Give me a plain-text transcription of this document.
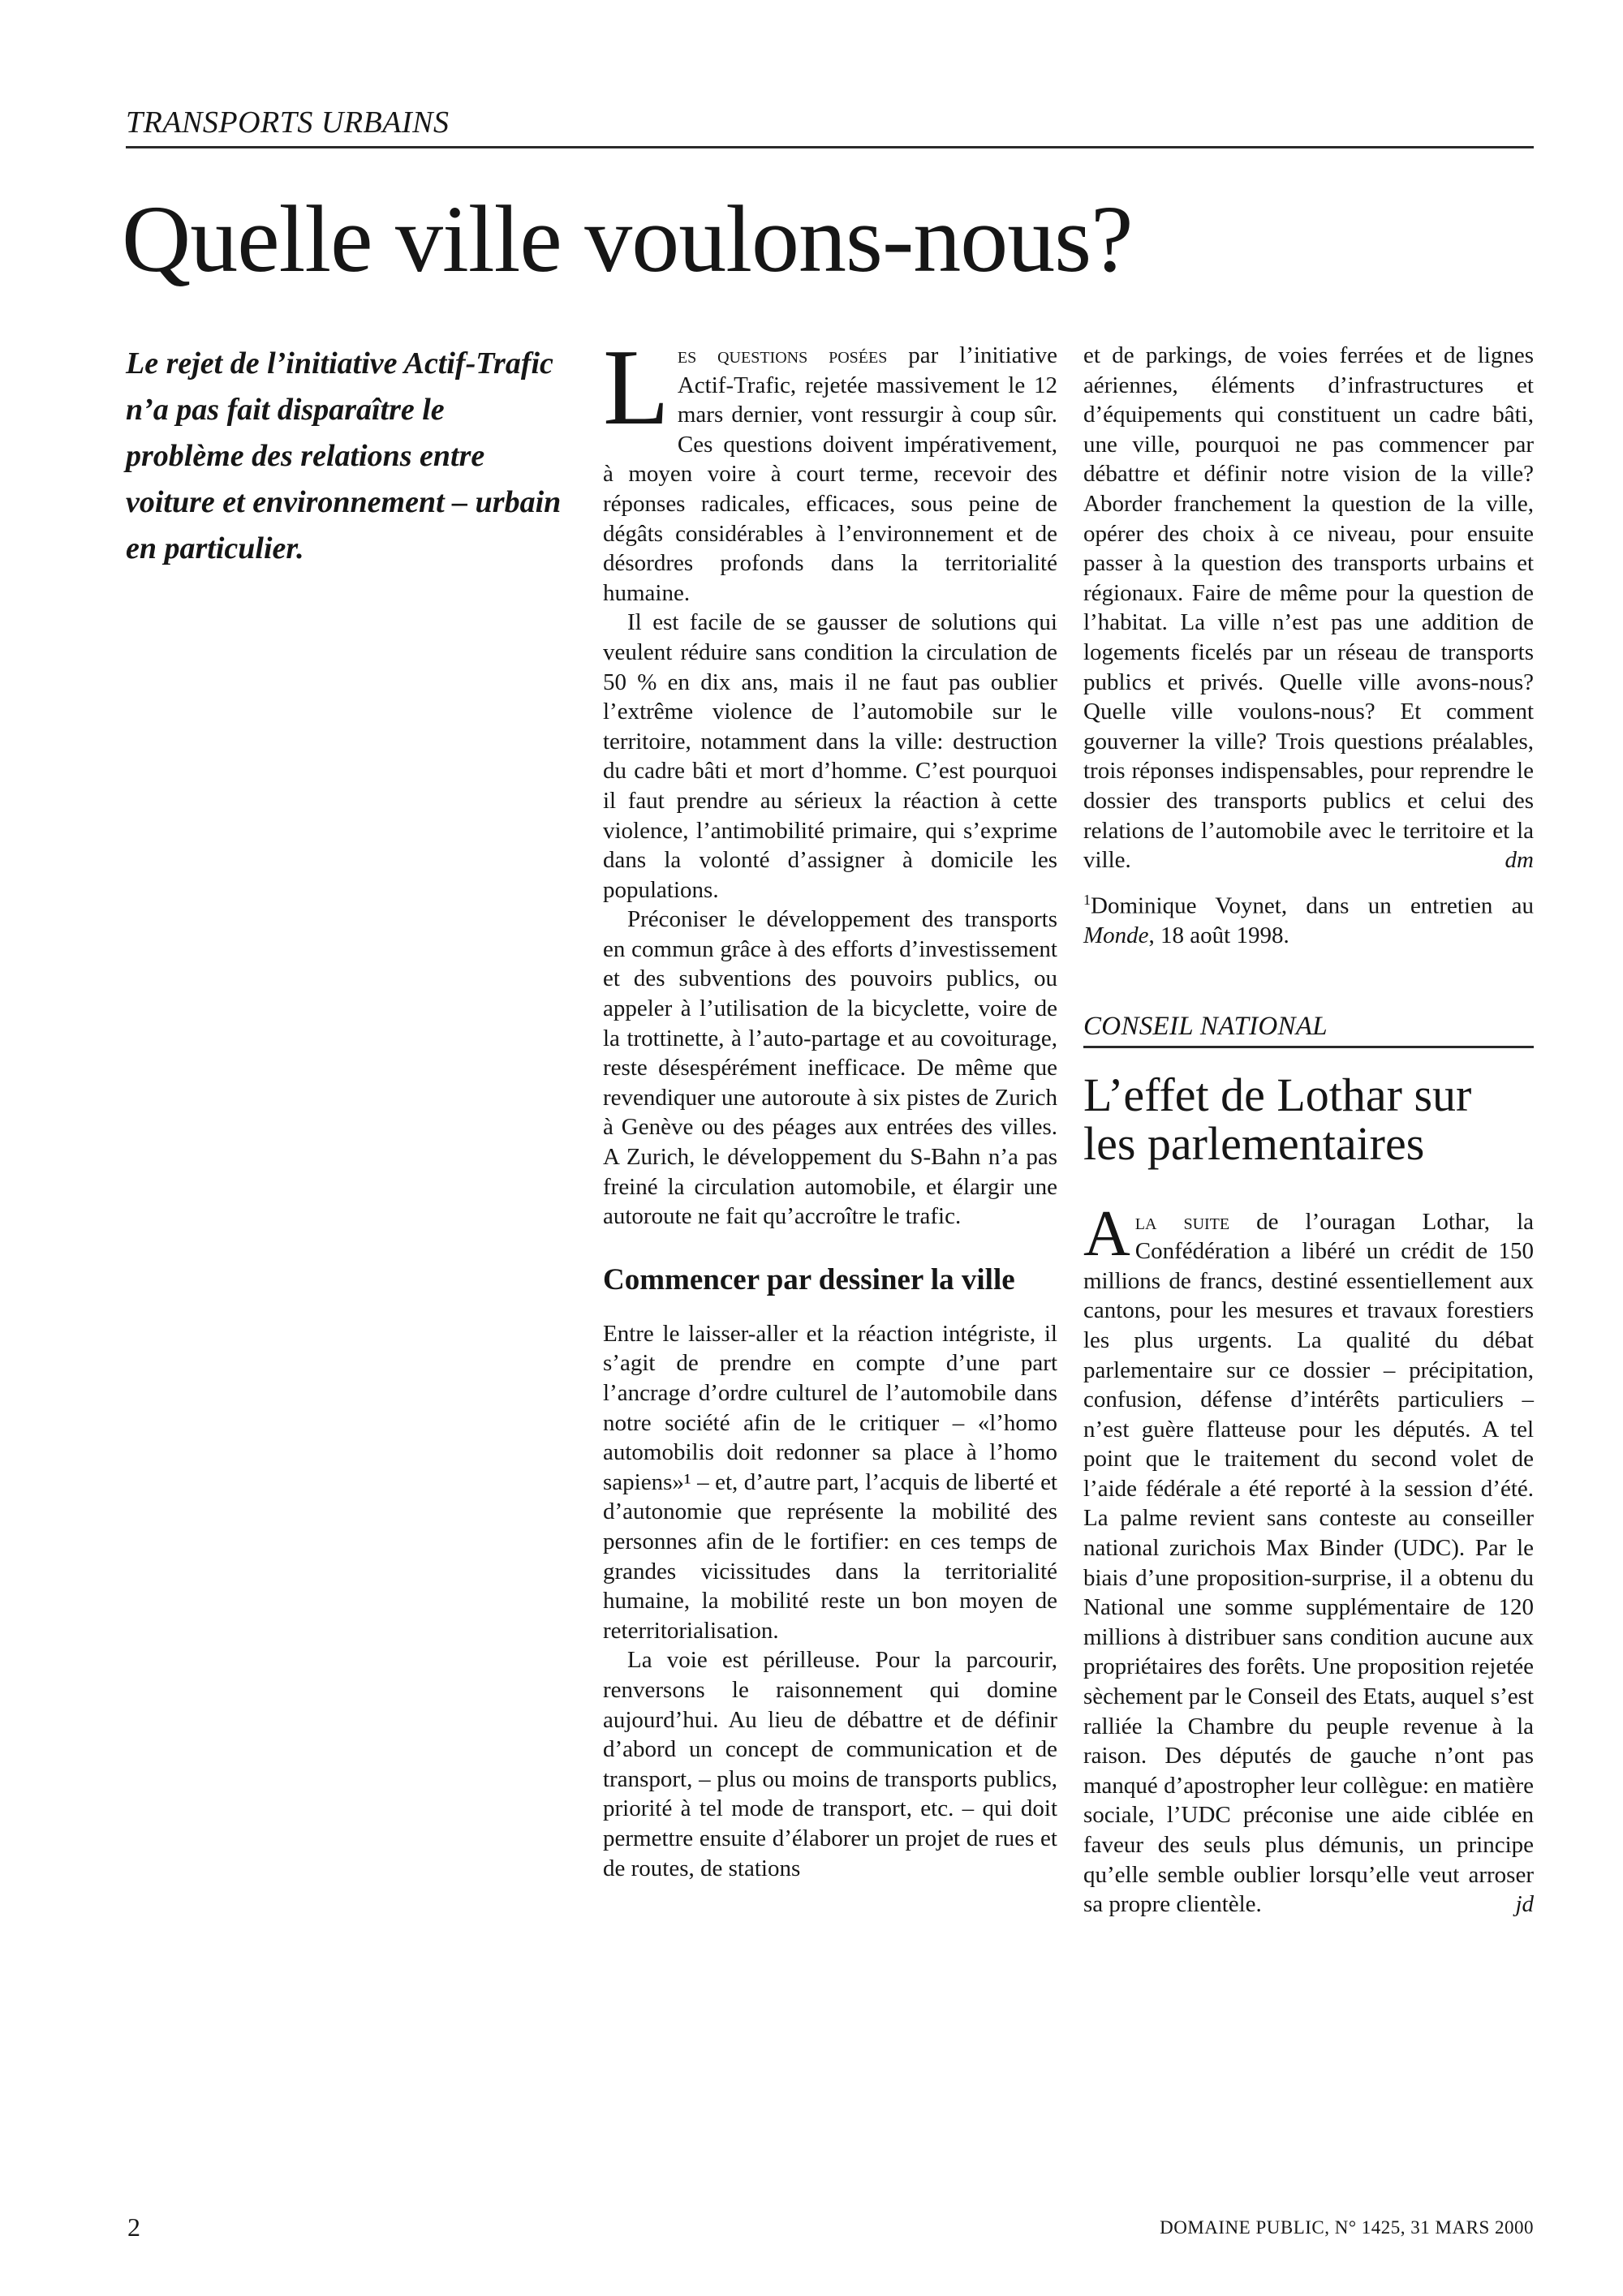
TRANSPORTS URBAINS
Quelle ville voulons-nous?

Le rejet de l’initiative Actif-Trafic n’a pas fait disparaître le problème des relations entre voiture et environnement – urbain en particulier.

Les questions posées par l’initiative Actif-Trafic, rejetée massivement le 12 mars dernier, vont ressurgir à coup sûr. Ces questions doivent impérativement, à moyen voire à court terme, recevoir des réponses radicales, efficaces, sous peine de dégâts considérables à l’environnement et de désordres profonds dans la territorialité humaine.

Il est facile de se gausser de solutions qui veulent réduire sans condition la circulation de 50 % en dix ans, mais il ne faut pas oublier l’extrême violence de l’automobile sur le territoire, notamment dans la ville: destruction du cadre bâti et mort d’homme. C’est pourquoi il faut prendre au sérieux la réaction à cette violence, l’antimobilité primaire, qui s’exprime dans la volonté d’assigner à domicile les populations.

Préconiser le développement des transports en commun grâce à des efforts d’investissement et des subventions des pouvoirs publics, ou appeler à l’utilisation de la bicyclette, voire de la trottinette, à l’auto-partage et au covoiturage, reste désespérément inefficace. De même que revendiquer une autoroute à six pistes de Zurich à Genève ou des péages aux entrées des villes. A Zurich, le développement du S-Bahn n’a pas freiné la circulation automobile, et élargir une autoroute ne fait qu’accroître le trafic.

Commencer par dessiner la ville

Entre le laisser-aller et la réaction intégriste, il s’agit de prendre en compte d’une part l’ancrage d’ordre culturel de l’automobile dans notre société afin de le critiquer – «l’homo automobilis doit redonner sa place à l’homo sapiens»¹ – et, d’autre part, l’acquis de liberté et d’autonomie que représente la mobilité des personnes afin de le fortifier: en ces temps de grandes vicissitudes dans la territorialité humaine, la mobilité reste un bon moyen de reterritorialisation.

La voie est périlleuse. Pour la parcourir, renversons le raisonnement qui domine aujourd’hui. Au lieu de débattre et de définir d’abord un concept de communication et de transport, – plus ou moins de transports publics, priorité à tel mode de transport, etc. – qui doit permettre ensuite d’élaborer un projet de rues et de routes, de stations

et de parkings, de voies ferrées et de lignes aériennes, éléments d’infrastructures et d’équipements qui constituent un cadre bâti, une ville, pourquoi ne pas commencer par débattre et définir notre vision de la ville? Aborder franchement la question de la ville, opérer des choix à ce niveau, pour ensuite passer à la question des transports urbains et régionaux. Faire de même pour la question de l’habitat. La ville n’est pas une addition de logements ficelés par un réseau de transports publics et privés. Quelle ville avons-nous? Quelle ville voulons-nous? Et comment gouverner la ville? Trois questions préalables, trois réponses indispensables, pour reprendre le dossier des transports publics et celui des relations de l’automobile avec le territoire et la ville.	dm

$^1$Dominique Voynet, dans un entretien au Monde, 18 août 1998.

CONSEIL NATIONAL
L’effet de Lothar sur les parlementaires

Ala suite de l’ouragan Lothar, la Confédération a libéré un crédit de 150 millions de francs, destiné essentiellement aux cantons, pour les mesures et travaux forestiers les plus urgents. La qualité du débat parlementaire sur ce dossier – précipitation, confusion, défense d’intérêts particuliers – n’est guère flatteuse pour les députés. A tel point que le traitement du second volet de l’aide fédérale a été reporté à la session d’été. La palme revient sans conteste au conseiller national zurichois Max Binder (UDC). Par le biais d’une proposition-surprise, il a obtenu du National une somme supplémentaire de 120 millions à distribuer sans condition aucune aux propriétaires des forêts. Une proposition rejetée sèchement par le Conseil des Etats, auquel s’est ralliée la Chambre du peuple revenue à la raison. Des députés de gauche n’ont pas manqué d’apostropher leur collègue: en matière sociale, l’UDC préconise une aide ciblée en faveur des seuls plus démunis, un principe qu’elle semble oublier lorsqu’elle veut arroser sa propre clientèle.	jd

2	DOMAINE PUBLIC, N° 1425, 31 MARS 2000
